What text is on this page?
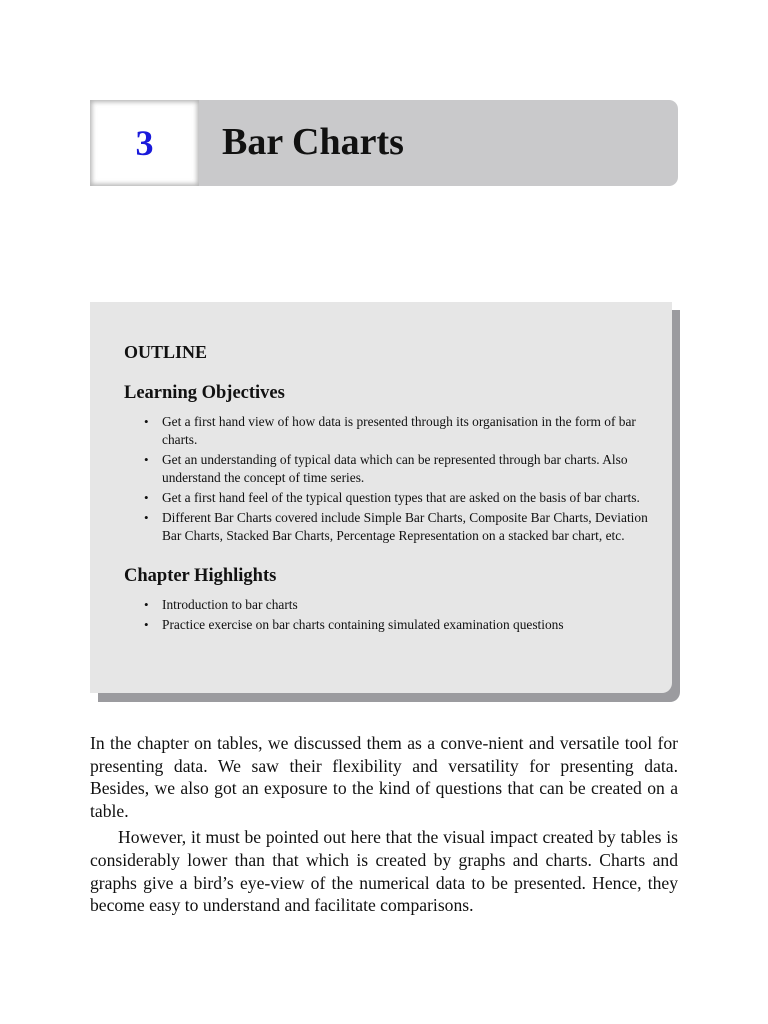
3 Bar Charts
OUTLINE
Learning Objectives
• Get a first hand view of how data is presented through its organisation in the form of bar charts.
• Get an understanding of typical data which can be represented through bar charts. Also understand the concept of time series.
• Get a first hand feel of the typical question types that are asked on the basis of bar charts.
• Different Bar Charts covered include Simple Bar Charts, Composite Bar Charts, Deviation Bar Charts, Stacked Bar Charts, Percentage Representation on a stacked bar chart, etc.
Chapter Highlights
• Introduction to bar charts
• Practice exercise on bar charts containing simulated examination questions

In the chapter on tables, we discussed them as a conve-nient and versatile tool for presenting data. We saw their flexibility and versatility for presenting data. Besides, we also got an exposure to the kind of questions that can be created on a table.

However, it must be pointed out here that the visual impact created by tables is considerably lower than that which is created by graphs and charts. Charts and graphs give a bird’s eye-view of the numerical data to be presented. Hence, they become easy to understand and facilitate comparisons.
